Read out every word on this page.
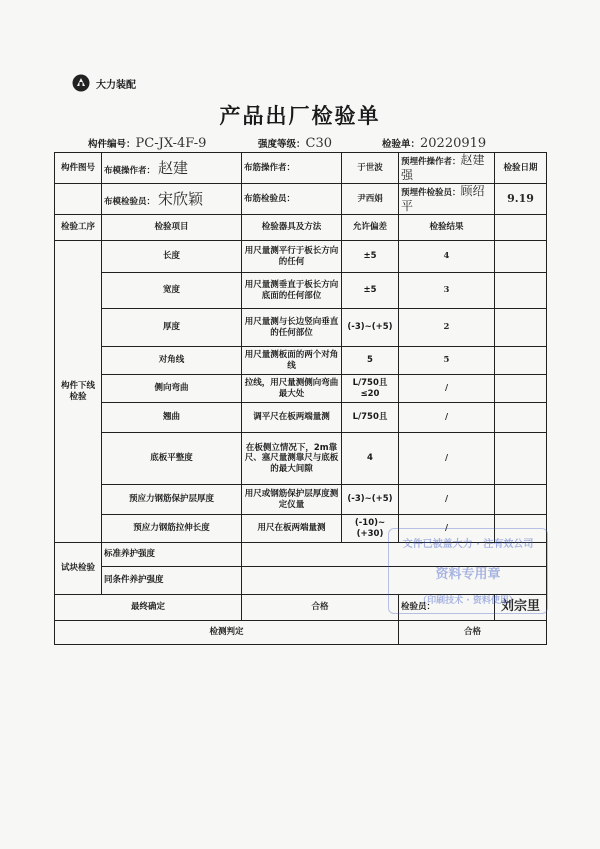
大力装配
产品出厂检验单
构件编号：PC-JX-4F-9	强度等级：C30	检验单：20220919
构件图号	布模操作者： 赵建	布筋操作者：	于世波	预埋件操作者：赵建强	检验日期
	布模检验员： 宋欣颖	布筋检验员：	尹西娟	预埋件检验员：顾绍平	9.19
检验工序	检验项目	检验器具及方法	允许偏差	检验结果	
构件下线检验	长度	用尺量测平行于板长方向的任何	±5	4	
	宽度	用尺量测垂直于板长方向底面的任何部位	±5	3	
	厚度	用尺量测与长边竖向垂直的任何部位	(-3)~(+5)	2	
	对角线	用尺量测板面的两个对角线	5	5	
	侧向弯曲	拉线，用尺量测侧向弯曲最大处	L/750且≤20	/	
	翘曲	调平尺在板两端量测	L/750且	/	
	底板平整度	在板侧立情况下，2m靠尺、塞尺量测靠尺与底板的最大间隙	4	/	
	预应力钢筋保护层厚度	用尺或钢筋保护层厚度测定仪量	(-3)~(+5)	/	
	预应力钢筋拉伸长度	用尺在板两端量测	(-10)~(+30)	/	
试块检验	标准养护强度				
	同条件养护强度				
最终确定		合格		检验员：	刘宗里
检测判定				合格	
文件已被盖大力 · 注有效公司
资料专用章
（印刷技术 · 资料使用）
